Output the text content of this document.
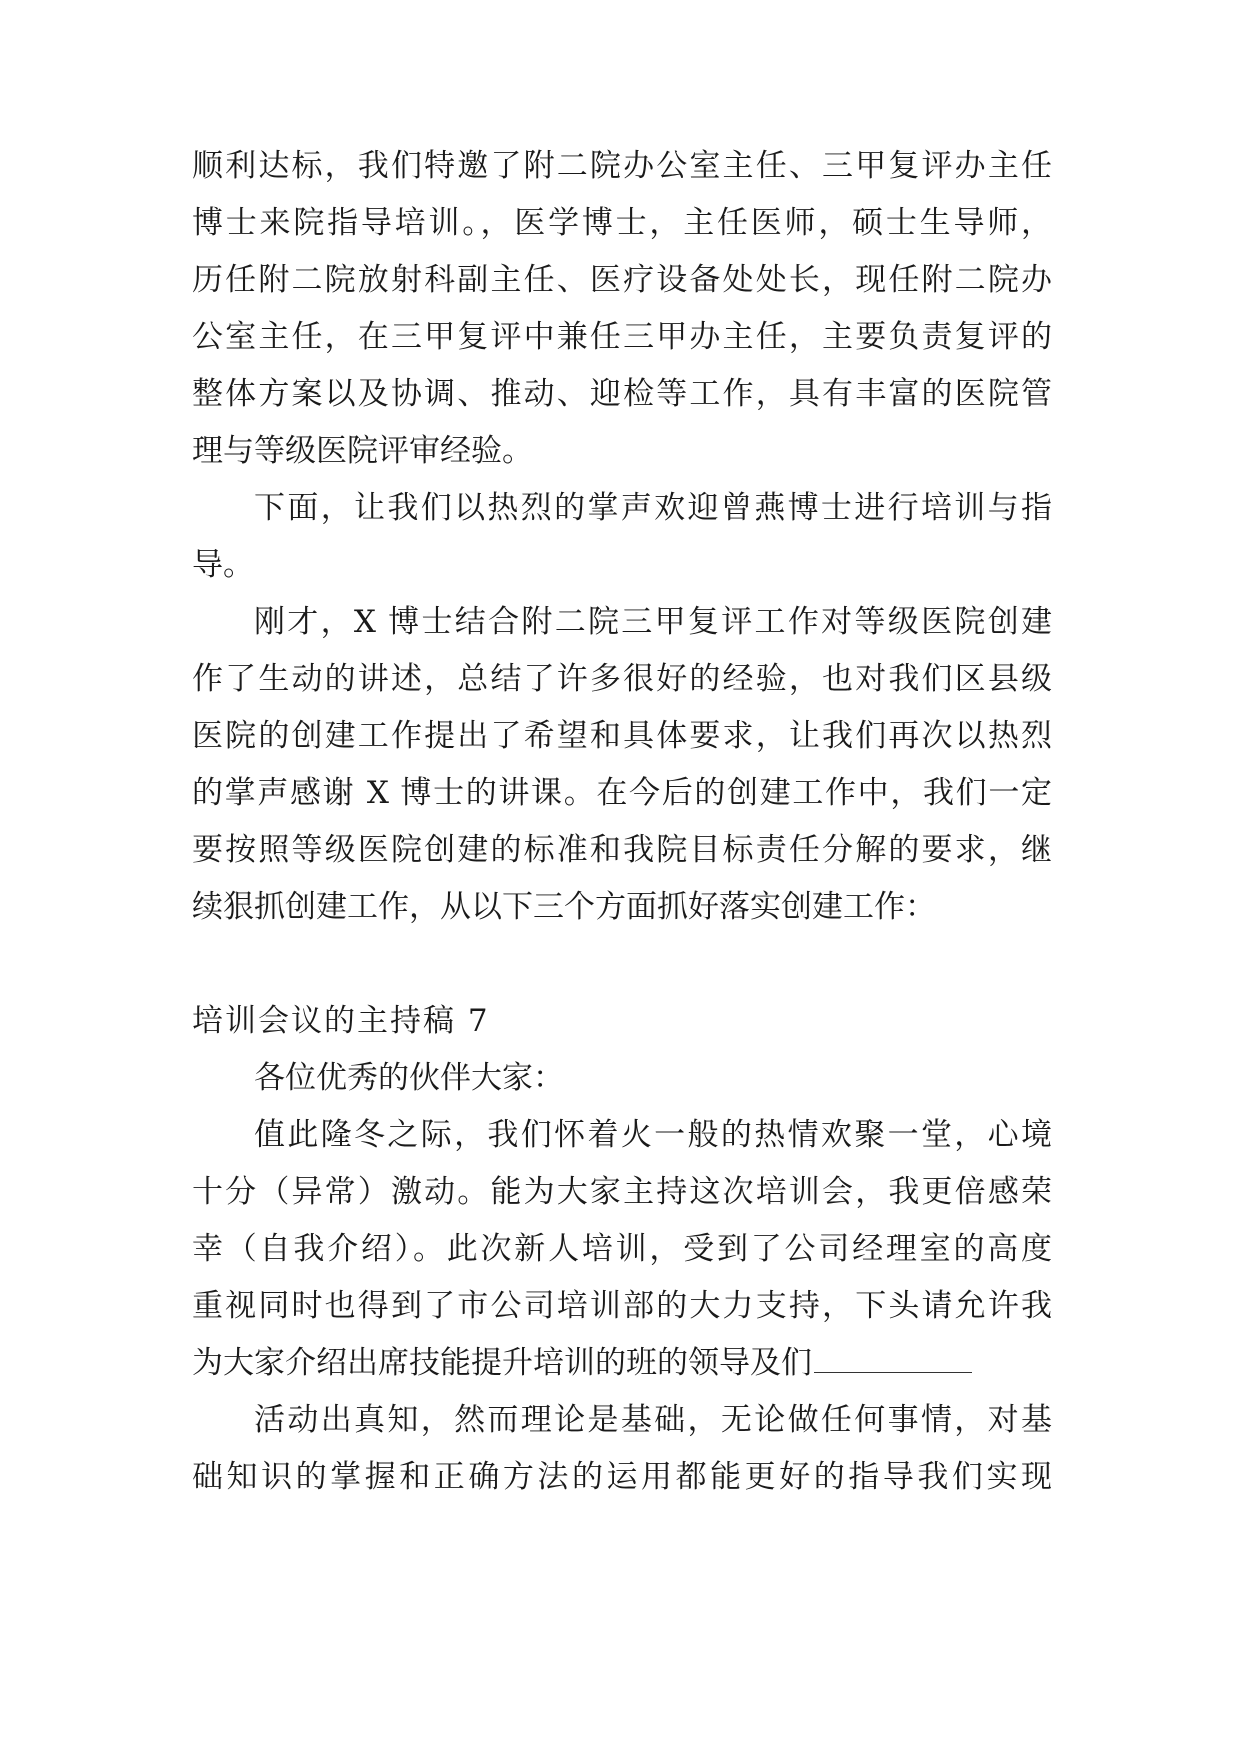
顺利达标，我们特邀了附二院办公室主任、三甲复评办主任
博士来院指导培训。，医学博士，主任医师，硕士生导师，
历任附二院放射科副主任、医疗设备处处长，现任附二院办
公室主任，在三甲复评中兼任三甲办主任，主要负责复评的
整体方案以及协调、推动、迎检等工作，具有丰富的医院管
理与等级医院评审经验。
下面，让我们以热烈的掌声欢迎曾燕博士进行培训与指
导。
刚才，X 博士结合附二院三甲复评工作对等级医院创建
作了生动的讲述，总结了许多很好的经验，也对我们区县级
医院的创建工作提出了希望和具体要求，让我们再次以热烈
的掌声感谢 X 博士的讲课。在今后的创建工作中，我们一定
要按照等级医院创建的标准和我院目标责任分解的要求，继
续狠抓创建工作，从以下三个方面抓好落实创建工作：
培训会议的主持稿 7
各位优秀的伙伴大家：
值此隆冬之际，我们怀着火一般的热情欢聚一堂，心境
十分（异常）激动。能为大家主持这次培训会，我更倍感荣
幸（自我介绍）。此次新人培训，受到了公司经理室的高度
重视同时也得到了市公司培训部的大力支持，下头请允许我
为大家介绍出席技能提升培训的班的领导及们
活动出真知，然而理论是基础，无论做任何事情，对基
础知识的掌握和正确方法的运用都能更好的指导我们实现
